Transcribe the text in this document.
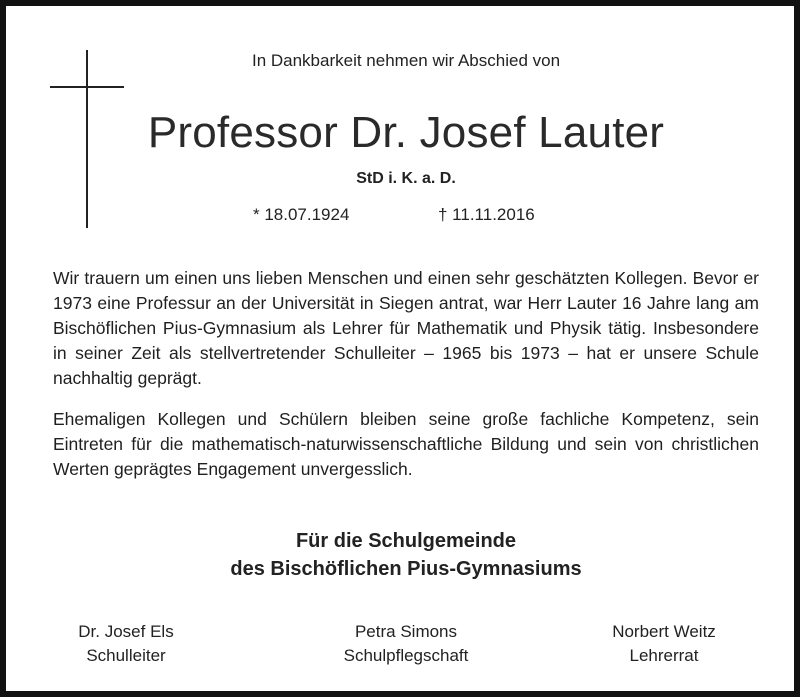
In Dankbarkeit nehmen wir Abschied von
Professor Dr. Josef Lauter
StD i. K. a. D.
* 18.07.1924	† 11.11.2016

Wir trauern um einen uns lieben Menschen und einen sehr geschätzten Kollegen. Bevor er 1973 eine Professur an der Universität in Siegen antrat, war Herr Lauter 16 Jahre lang am Bischöflichen Pius-Gymnasium als Lehrer für Mathematik und Physik tätig. Insbesondere in seiner Zeit als stellvertretender Schulleiter – 1965 bis 1973 – hat er unsere Schule nachhaltig geprägt.

Ehemaligen Kollegen und Schülern bleiben seine große fachliche Kompetenz, sein Eintreten für die mathematisch-naturwissenschaftliche Bildung und sein von christlichen Werten geprägtes Engagement unvergesslich.

Für die Schulgemeinde
des Bischöflichen Pius-Gymnasiums
Dr. Josef Els
Schulleiter
Petra Simons
Schulpflegschaft
Norbert Weitz
Lehrerrat
